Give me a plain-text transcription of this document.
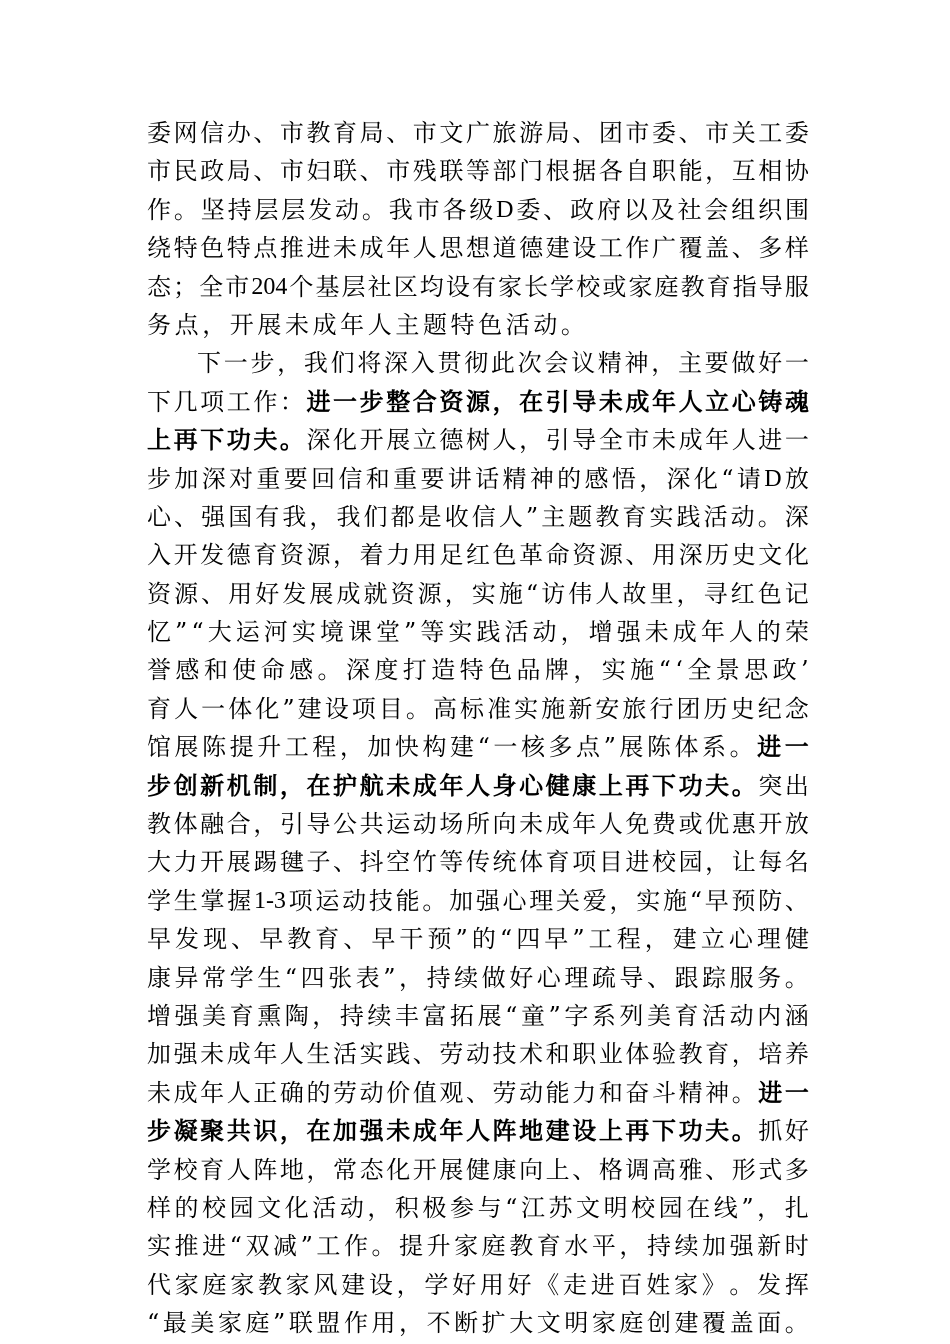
委 网 信 办 、 市 教 育 局 、 市 文 广 旅 游 局 、 团 市 委 、 市 关 工 委
市 民 政 局 、 市 妇 联 、 市 残 联 等 部 门 根 据 各 自 职 能 ， 互 相 协
作 。 坚 持 层 层 发 动 。 我 市 各 级 D 委 、 政 府 以 及 社 会 组 织 围
绕 特 色 特 点 推 进 未 成 年 人 思 想 道 德 建 设 工 作 广 覆 盖 、 多 样
态 ； 全 市 204 个 基 层 社 区 均 设 有 家 长 学 校 或 家 庭 教 育 指 导 服
务 点 ， 开 展 未 成 年 人 主 题 特 色 活 动 。
下 一 步 ， 我 们 将 深 入 贯 彻 此 次 会 议 精 神 ， 主 要 做 好 一
下 几 项 工 作 ： 进 一 步 整 合 资 源 ， 在 引 导 未 成 年 人 立 心 铸 魂
上 再 下 功 夫 。 深 化 开 展 立 德 树 人 ， 引 导 全 市 未 成 年 人 进 一
步 加 深 对 重 要 回 信 和 重 要 讲 话 精 神 的 感 悟 ， 深 化 “ 请 D 放
心 、 强 国 有 我 ， 我 们 都 是 收 信 人 ” 主 题 教 育 实 践 活 动 。 深
入 开 发 德 育 资 源 ， 着 力 用 足 红 色 革 命 资 源 、 用 深 历 史 文 化
资 源 、 用 好 发 展 成 就 资 源 ， 实 施 “ 访 伟 人 故 里 ， 寻 红 色 记
忆 ” “ 大 运 河 实 境 课 堂 ” 等 实 践 活 动 ， 增 强 未 成 年 人 的 荣
誉 感 和 使 命 感 。 深 度 打 造 特 色 品 牌 ， 实 施 “ ‘ 全 景 思 政 ’
育 人 一 体 化 ” 建 设 项 目 。 高 标 准 实 施 新 安 旅 行 团 历 史 纪 念
馆 展 陈 提 升 工 程 ， 加 快 构 建 “ 一 核 多 点 ” 展 陈 体 系 。 进 一
步 创 新 机 制 ， 在 护 航 未 成 年 人 身 心 健 康 上 再 下 功 夫 。 突 出
教 体 融 合 ， 引 导 公 共 运 动 场 所 向 未 成 年 人 免 费 或 优 惠 开 放
大 力 开 展 踢 毽 子 、 抖 空 竹 等 传 统 体 育 项 目 进 校 园 ， 让 每 名
学 生 掌 握 1-3 项 运 动 技 能 。 加 强 心 理 关 爱 ， 实 施 “ 早 预 防 、
早 发 现 、 早 教 育 、 早 干 预 ” 的 “ 四 早 ” 工 程 ， 建 立 心 理 健
康 异 常 学 生 “ 四 张 表 ” ， 持 续 做 好 心 理 疏 导 、 跟 踪 服 务 。
增 强 美 育 熏 陶 ， 持 续 丰 富 拓 展 “ 童 ” 字 系 列 美 育 活 动 内 涵
加 强 未 成 年 人 生 活 实 践 、 劳 动 技 术 和 职 业 体 验 教 育 ， 培 养
未 成 年 人 正 确 的 劳 动 价 值 观 、 劳 动 能 力 和 奋 斗 精 神 。 进 一
步 凝 聚 共 识 ， 在 加 强 未 成 年 人 阵 地 建 设 上 再 下 功 夫 。 抓 好
学 校 育 人 阵 地 ， 常 态 化 开 展 健 康 向 上 、 格 调 高 雅 、 形 式 多
样 的 校 园 文 化 活 动 ， 积 极 参 与 “ 江 苏 文 明 校 园 在 线 ” ， 扎
实 推 进 “ 双 减 ” 工 作 。 提 升 家 庭 教 育 水 平 ， 持 续 加 强 新 时
代 家 庭 家 教 家 风 建 设 ， 学 好 用 好 《 走 进 百 姓 家 》 。 发 挥
“ 最 美 家 庭 ” 联 盟 作 用 ， 不 断 扩 大 文 明 家 庭 创 建 覆 盖 面 。
